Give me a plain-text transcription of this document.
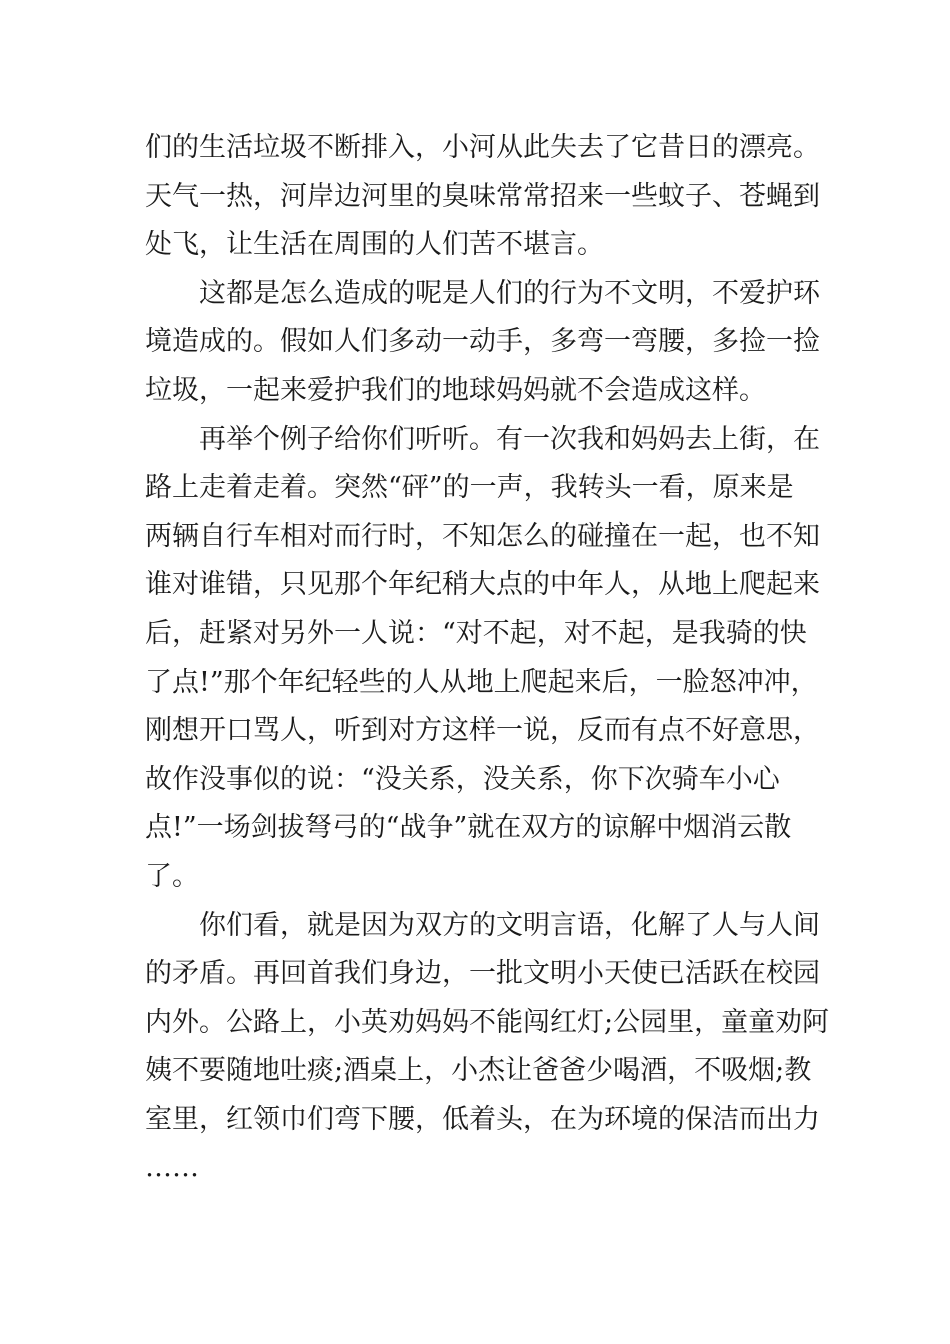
们的生活垃圾不断排入，小河从此失去了它昔日的漂亮。
天气一热，河岸边河里的臭味常常招来一些蚊子、苍蝇到
处飞，让生活在周围的人们苦不堪言。
这都是怎么造成的呢是人们的行为不文明，不爱护环
境造成的。假如人们多动一动手，多弯一弯腰，多捡一捡
垃圾，一起来爱护我们的地球妈妈就不会造成这样。
再举个例子给你们听听。有一次我和妈妈去上街，在
路上走着走着。突然“砰”的一声，我转头一看，原来是
两辆自行车相对而行时，不知怎么的碰撞在一起，也不知
谁对谁错，只见那个年纪稍大点的中年人，从地上爬起来
后，赶紧对另外一人说：“对不起，对不起，是我骑的快
了点!”那个年纪轻些的人从地上爬起来后，一脸怒冲冲，
刚想开口骂人，听到对方这样一说，反而有点不好意思，
故作没事似的说：“没关系，没关系，你下次骑车小心
点!”一场剑拔弩弓的“战争”就在双方的谅解中烟消云散
了。
你们看，就是因为双方的文明言语，化解了人与人间
的矛盾。再回首我们身边，一批文明小天使已活跃在校园
内外。公路上，小英劝妈妈不能闯红灯;公园里，童童劝阿
姨不要随地吐痰;酒桌上，小杰让爸爸少喝酒，不吸烟;教
室里，红领巾们弯下腰，低着头，在为环境的保洁而出力
……
